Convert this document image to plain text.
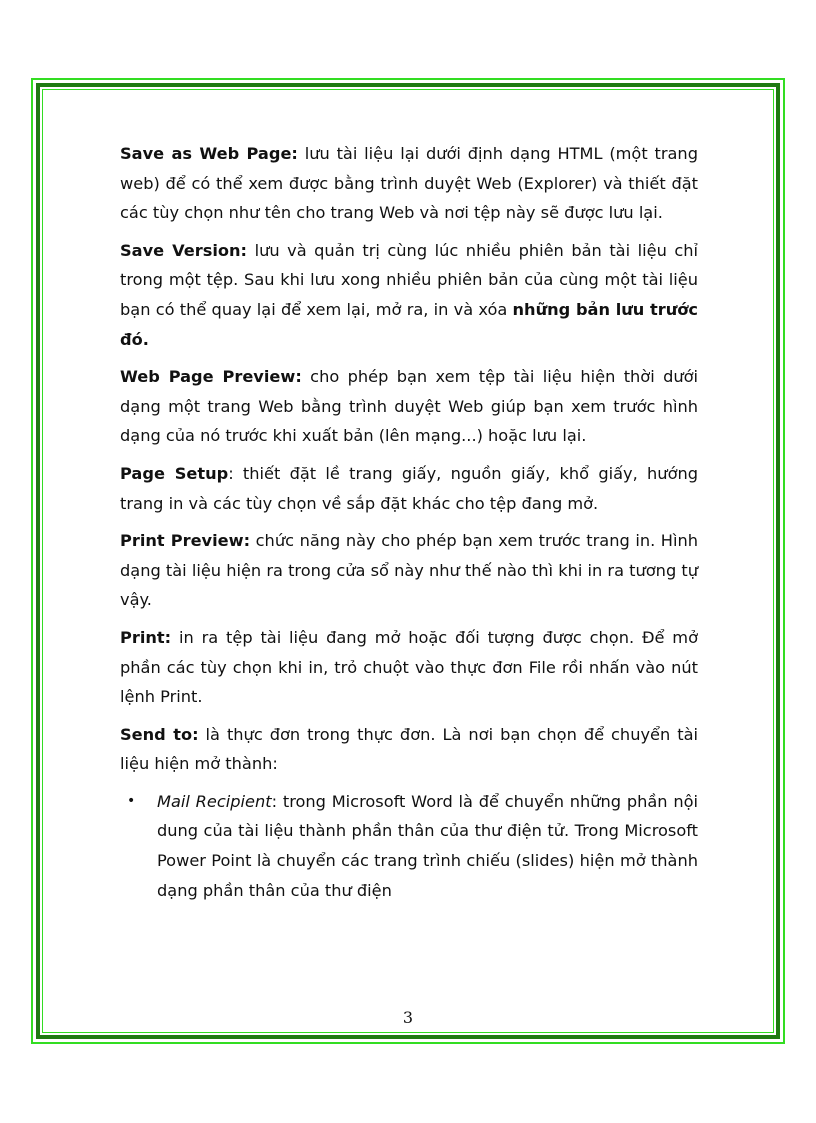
Save as Web Page: lưu tài liệu lại dưới định dạng HTML (một trang web) để có thể xem được bằng trình duyệt Web (Explorer) và thiết đặt các tùy chọn như tên cho trang Web và nơi tệp này sẽ được lưu lại.

Save Version: lưu và quản trị cùng lúc nhiều phiên bản tài liệu chỉ trong một tệp. Sau khi lưu xong nhiều phiên bản của cùng một tài liệu bạn có thể quay lại để xem lại, mở ra, in và xóa những bản lưu trước đó.

Web Page Preview: cho phép bạn xem tệp tài liệu hiện thời dưới dạng một trang Web bằng trình duyệt Web giúp bạn xem trước hình dạng của nó trước khi xuất bản (lên mạng...) hoặc lưu lại.

Page Setup: thiết đặt lề trang giấy, nguồn giấy, khổ giấy, hướng trang in và các tùy chọn về sắp đặt khác cho tệp đang mở.

Print Preview: chức năng này cho phép bạn xem trước trang in. Hình dạng tài liệu hiện ra trong cửa sổ này như thế nào thì khi in ra tương tự vậy.

Print: in ra tệp tài liệu đang mở hoặc đối tượng được chọn. Để mở phần các tùy chọn khi in, trỏ chuột vào thực đơn File rồi nhấn vào nút lệnh Print.

Send to: là thực đơn trong thực đơn. Là nơi bạn chọn để chuyển tài liệu hiện mở thành:

• Mail Recipient: trong Microsoft Word là để chuyển những phần nội dung của tài liệu thành phần thân của thư điện tử. Trong Microsoft Power Point là chuyển các trang trình chiếu (slides) hiện mở thành dạng phần thân của thư điện
3
